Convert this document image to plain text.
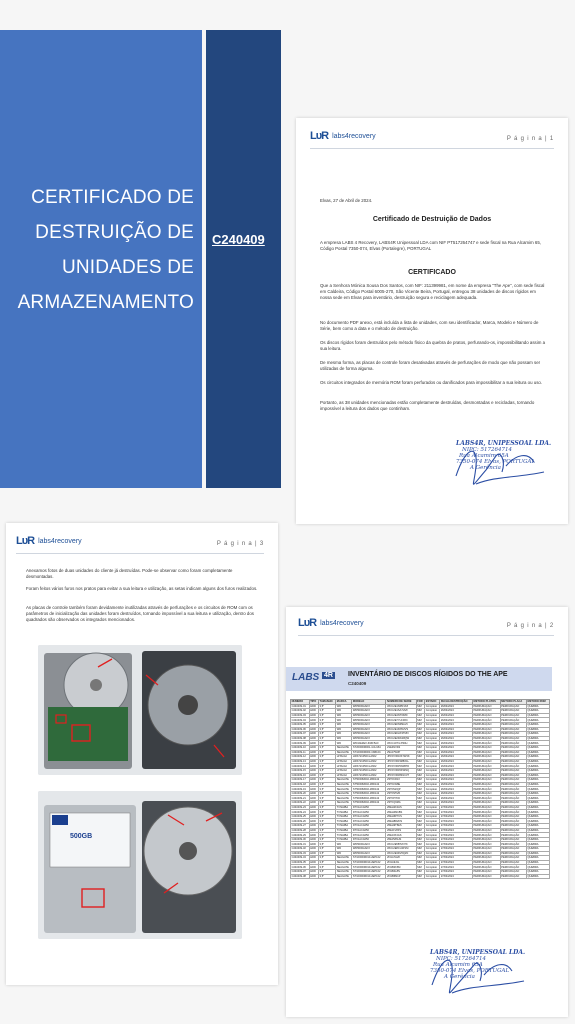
CERTIFICADO DE DESTRUIÇÃO DE UNIDADES DE ARMAZENAMENTO
C240409
LᴜR labs4recovery	P á g i n a | 1

Elvas, 27 de Abril de 2024.

Certificado de Destruição de Dados

A empresa LABS 4 Recovery, LABS4R Unipessoal LDA com NIF PT517264747 e sede fiscal na Rua Alcamim 65, Código Postal 7350-074, Elvas (Portalegre), PORTUGAL

CERTIFICADO

Que a Senhora Mónica Sousa Dos Santos, com NIF: 211399981, em nome da empresa "The Ape", com sede fiscal em Caldeira, Código Postal 6005-270, São Vicente Beira, Portugal, entregou 38 unidades de discos rígidos em nossa sede em Elvas para inventário, destruição segura e reciclagem adequada.

No documento PDF anexo, está incluída a lista de unidades, com seu identificador, Marca, Modelo e Número de Série, bem como a data e o método de destruição.

Os discos rígidos foram destruídos pelo método físico da quebra de pratos, perfurando-os, impossibilitando assim a sua leitura.

De mesma forma, as placas de controle foram desativadas através de perfurações de modo que não possam ser utilizadas de forma alguma.

Os circuitos integrados de memória ROM foram perfurados ou danificados para impossibilitar a sua leitura ou uso.

Portanto, as 38 unidades mencionadas estão completamente destruídas, desmontadas e recicladas, tornando impossível a leitura dos dados que continham.

LABS4R, UNIPESSOAL LDA.
NIPC: 517264714
Rua Alcamim 65A
7350-074 Elvas, PORTUGAL
A Gerência
LᴜR labs4recovery	P á g i n a | 3

Anexamos fotos de duas unidades do cliente já destruídas. Pode-se observar como foram completamente desmontadas.

Foram feitos vários furos nos pratos para evitar a sua leitura e utilização, as setas indicam alguns dos furos realizados.

As placas de controle também foram devidamente inutilizadas através de perfurações e os circuitos de ROM com os parâmetros de inicialização das unidades foram destruídos, tornando impossível a sua leitura e utilização, dentro dos quadrados são observados os integrados mencionados.

500GB
LᴜR labs4recovery	P á g i n a | 2
LABS 4R INVENTÁRIO DE DISCOS RÍGIDOS DO THE APE
C240409
NUMERO	TIPO	TAMANHO	MARCA	MODELO	NUMERO DE SERIE	FOR	ESTADO	FECHA DESTRUIÇÃO	METODO PLATOS	METODO PLACA	METODO ROM
C240409-01	HDD	3,5"	WD	WD5000AAKX	WCC2E1NPR1XZ	SIM	Completo	26/04/2024	PERFURAÇÃO	PERFURAÇÃO	QUEBRA
C240409-02	HDD	3,5"	WD	WD5000AAKX	WCC2E1SA7HVF	SIM	Completo	26/04/2024	PERFURAÇÃO	PERFURAÇÃO	QUEBRA
C240409-03	HDD	3,5"	WD	WD5000AAKX	WCC2E4NT0K89	SIM	Completo	26/04/2024	PERFURAÇÃO	PERFURAÇÃO	QUEBRA
C240409-04	HDD	3,5"	WD	WD5000AAKX	WCC2E7YLF4RC	SIM	Completo	26/04/2024	PERFURAÇÃO	PERFURAÇÃO	QUEBRA
C240409-05	HDD	3,5"	WD	WD5000AAKX	WCC2E0NR9AL5	SIM	Completo	26/04/2024	PERFURAÇÃO	PERFURAÇÃO	QUEBRA
C240409-06	HDD	3,5"	WD	WD5000AAKX	WCC2E1KPD2VS	SIM	Completo	26/04/2024	PERFURAÇÃO	PERFURAÇÃO	QUEBRA
C240409-07	HDD	3,5"	WD	WD5000AAKX	WCC2E6HX3TMN	SIM	Completo	26/04/2024	PERFURAÇÃO	PERFURAÇÃO	QUEBRA
C240409-08	HDD	3,5"	WD	WD5000AAKX	WCC2E2RAS8QW	SIM	Completo	26/04/2024	PERFURAÇÃO	PERFURAÇÃO	QUEBRA
C240409-09	HDD	3,5"	WD	WD10EZEX-60ZF5A0	WCC4J7FLX5DH	SIM	Completo	26/04/2024	PERFURAÇÃO	PERFURAÇÃO	QUEBRA
C240409-10	HDD	3,5"	SEAGATE	ST2000DM001-1CH164	Z1E4NXR2	SIM	Completo	26/04/2024	PERFURAÇÃO	PERFURAÇÃO	QUEBRA
C240409-11	HDD	3,5"	SEAGATE	ST1000DM003-1SB10C	Z9AJ7W3P	SIM	Completo	26/04/2024	PERFURAÇÃO	PERFURAÇÃO	QUEBRA
C240409-12	HDD	3,5"	HITACHI	HDS721050CLA662	JP1572FR2K7W3K	SIM	Completo	26/04/2024	PERFURAÇÃO	PERFURAÇÃO	QUEBRA
C240409-13	HDD	3,5"	HITACHI	HDS721050CLA662	JP1572FR3M8X1L	SIM	Completo	26/04/2024	PERFURAÇÃO	PERFURAÇÃO	QUEBRA
C240409-14	HDD	3,5"	HITACHI	HDS721050CLA662	JP1572FR5N2B7D	SIM	Completo	26/04/2024	PERFURAÇÃO	PERFURAÇÃO	QUEBRA
C240409-15	HDD	3,5"	HITACHI	HDS721050CLA662	JP1572FR6P4Z9Q	SIM	Completo	26/04/2024	PERFURAÇÃO	PERFURAÇÃO	QUEBRA
C240409-16	HDD	3,5"	HITACHI	HDS721050CLA662	JP1572FR8R1C3T	SIM	Completo	26/04/2024	PERFURAÇÃO	PERFURAÇÃO	QUEBRA
C240409-17	HDD	3,5"	SEAGATE	ST500DM002-1BD142	Z3TFKR1X	SIM	Completo	26/04/2024	PERFURAÇÃO	PERFURAÇÃO	QUEBRA
C240409-18	HDD	3,5"	SEAGATE	ST500DM002-1BD142	Z3TFLW8E	SIM	Completo	26/04/2024	PERFURAÇÃO	PERFURAÇÃO	QUEBRA
C240409-19	HDD	3,5"	SEAGATE	ST500DM002-1BD142	Z3TFM2QP	SIM	Completo	26/04/2024	PERFURAÇÃO	PERFURAÇÃO	QUEBRA
C240409-20	HDD	3,5"	SEAGATE	ST500DM002-1BD142	Z3TFN5VR	SIM	Completo	26/04/2024	PERFURAÇÃO	PERFURAÇÃO	QUEBRA
C240409-21	HDD	3,5"	SEAGATE	ST500DM002-1BD142	Z3TFP7KD	SIM	Completo	26/04/2024	PERFURAÇÃO	PERFURAÇÃO	QUEBRA
C240409-22	HDD	3,5"	SEAGATE	ST500DM002-1BD142	Z3TFQ9MA	SIM	Completo	26/04/2024	PERFURAÇÃO	PERFURAÇÃO	QUEBRA
C240409-23	HDD	3,5"	TOSHIBA	DT01ACA050	Z6EH2K3AS	SIM	Completo	27/04/2024	PERFURAÇÃO	PERFURAÇÃO	QUEBRA
C240409-24	HDD	3,5"	TOSHIBA	DT01ACA050	Z6EH4M1BS	SIM	Completo	27/04/2024	PERFURAÇÃO	PERFURAÇÃO	QUEBRA
C240409-25	HDD	3,5"	TOSHIBA	DT01ACA050	Z6EH6P7CS	SIM	Completo	27/04/2024	PERFURAÇÃO	PERFURAÇÃO	QUEBRA
C240409-26	HDD	3,5"	TOSHIBA	DT01ACA050	Z6EH8R2DS	SIM	Completo	27/04/2024	PERFURAÇÃO	PERFURAÇÃO	QUEBRA
C240409-27	HDD	3,5"	TOSHIBA	DT01ACA050	Z6EH9T5ES	SIM	Completo	27/04/2024	PERFURAÇÃO	PERFURAÇÃO	QUEBRA
C240409-28	HDD	3,5"	TOSHIBA	DT01ACA050	Z6EJ1V8FS	SIM	Completo	27/04/2024	PERFURAÇÃO	PERFURAÇÃO	QUEBRA
C240409-29	HDD	3,5"	TOSHIBA	DT01ACA050	Z6EJ3X4GS	SIM	Completo	27/04/2024	PERFURAÇÃO	PERFURAÇÃO	QUEBRA
C240409-30	HDD	3,5"	TOSHIBA	DT01ACA050	Z6EJ5Z6HS	SIM	Completo	27/04/2024	PERFURAÇÃO	PERFURAÇÃO	QUEBRA
C240409-31	HDD	3,5"	WD	WD5000AAKX	WCC2E5BT2N7K	SIM	Completo	27/04/2024	PERFURAÇÃO	PERFURAÇÃO	QUEBRA
C240409-32	HDD	3,5"	WD	WD5000AAKX	WCC2E8CU4P1M	SIM	Completo	27/04/2024	PERFURAÇÃO	PERFURAÇÃO	QUEBRA
C240409-33	HDD	3,5"	WD	WD5000AAKX	WCC2E3DV6Q2N	SIM	Completo	27/04/2024	PERFURAÇÃO	PERFURAÇÃO	QUEBRA
C240409-34	HDD	3,5"	SEAGATE	ST1000DM010-2EP102	ZN1A7H2K	SIM	Completo	27/04/2024	PERFURAÇÃO	PERFURAÇÃO	QUEBRA
C240409-35	HDD	3,5"	SEAGATE	ST1000DM010-2EP102	ZN1A9J4L	SIM	Completo	27/04/2024	PERFURAÇÃO	PERFURAÇÃO	QUEBRA
C240409-36	HDD	3,5"	SEAGATE	ST1000DM010-2EP102	ZN1B2K6M	SIM	Completo	27/04/2024	PERFURAÇÃO	PERFURAÇÃO	QUEBRA
C240409-37	HDD	3,5"	SEAGATE	ST1000DM010-2EP102	ZN1B4L8N	SIM	Completo	27/04/2024	PERFURAÇÃO	PERFURAÇÃO	QUEBRA
C240409-38	HDD	3,5"	SEAGATE	ST1000DM010-2EP102	ZN1B6M1P	SIM	Completo	27/04/2024	PERFURAÇÃO	PERFURAÇÃO	QUEBRA
LABS4R, UNIPESSOAL LDA.
NIPC: 517264714
Rua Alcamim 65A
7350-074 Elvas, PORTUGAL
A Gerência
